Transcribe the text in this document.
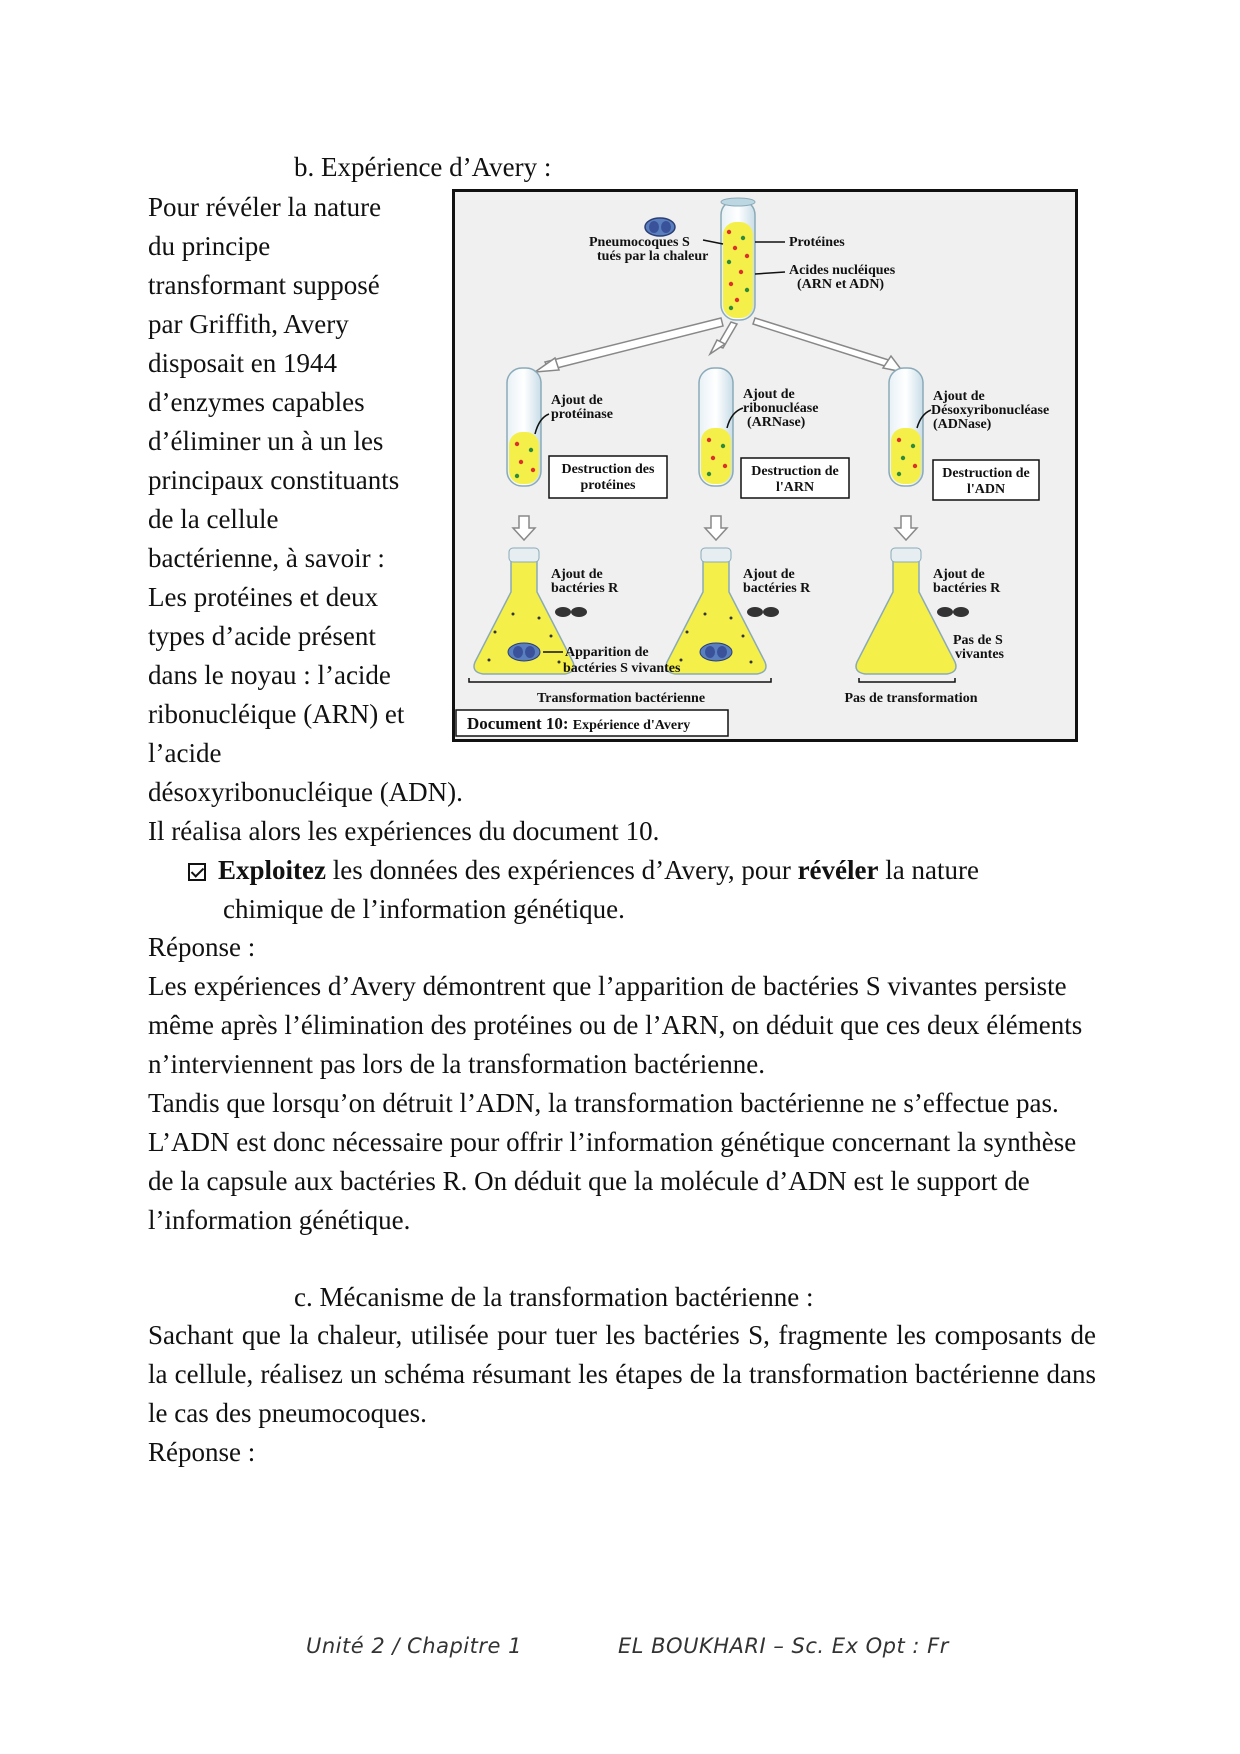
b. Expérience d’Avery :
Pour révéler la nature
du principe
transformant supposé
par Griffith, Avery
disposait en 1944
d’enzymes capables
d’éliminer un à un les
principaux constituants
de la cellule
bactérienne, à savoir :
Les protéines et deux
types d’acide présent
dans le noyau : l’acide
ribonucléique (ARN) et
l’acide
désoxyribonucléique (ADN).
Il réalisa alors les expériences du document 10.
Pneumocoques S
tués par la chaleur
Protéines
Acides nucléiques
(ARN et ADN)
Ajout de
protéinase
Ajout de
ribonucléase
(ARNase)
Ajout de
Désoxyribonucléase
(ADNase)
Destruction des
protéines
Destruction de
l'ARN
Destruction de
l'ADN
Ajout de
bactéries R
Ajout de
bactéries R
Ajout de
bactéries R
Apparition de
bactéries S vivantes
Pas de S
vivantes
Transformation bactérienne	Pas de transformation
Document 10: Expérience d'Avery
Exploitez les données des expériences d’Avery, pour révéler la nature
chimique de l’information génétique.
Réponse :
Les expériences d’Avery démontrent que l’apparition de bactéries S vivantes persiste même après l’élimination des protéines ou de l’ARN, on déduit que ces deux éléments n’interviennent pas lors de la transformation bactérienne.
Tandis que lorsqu’on détruit l’ADN, la transformation bactérienne ne s’effectue pas. L’ADN est donc nécessaire pour offrir l’information génétique concernant la synthèse de la capsule aux bactéries R. On déduit que la molécule d’ADN est le support de l’information génétique.
c. Mécanisme de la transformation bactérienne :
Sachant que la chaleur, utilisée pour tuer les bactéries S, fragmente les composants de la cellule, réalisez un schéma résumant les étapes de la transformation bactérienne dans le cas des pneumocoques.
Réponse :
Unité 2 / Chapitre 1	EL BOUKHARI – Sc. Ex Opt : Fr
